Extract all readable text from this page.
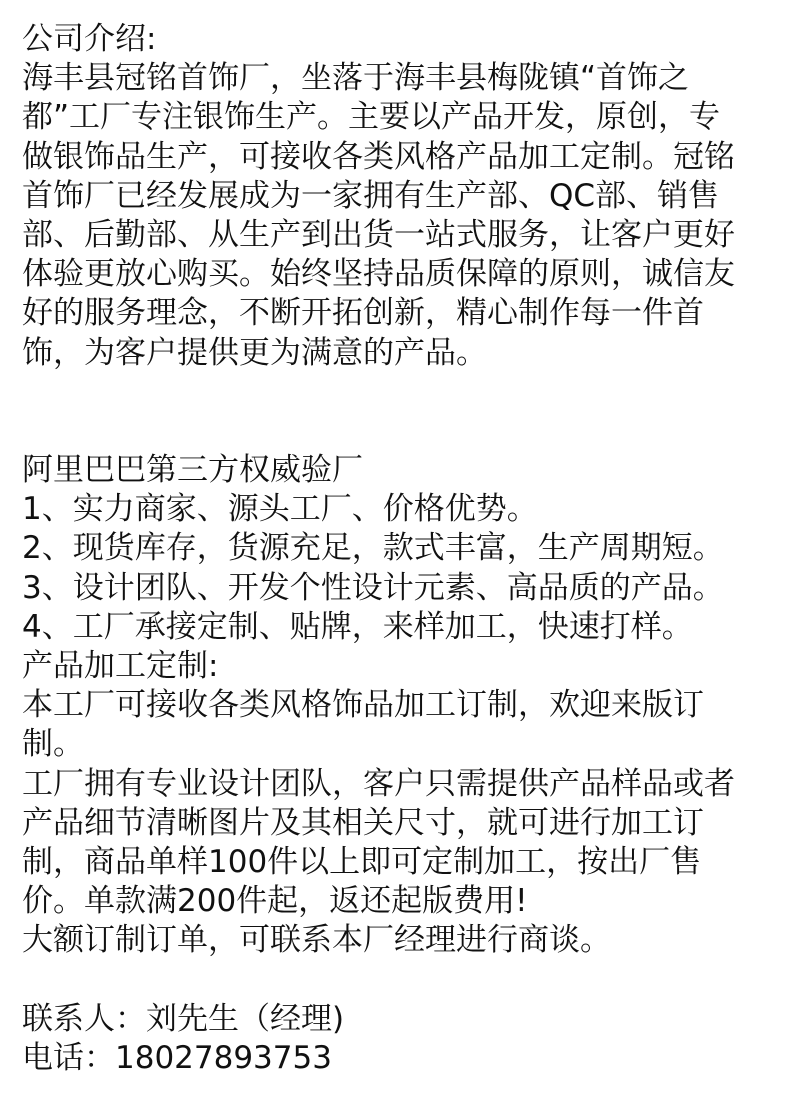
公司介绍:
海丰县冠铭首饰厂，坐落于海丰县梅陇镇“首饰之
都”工厂专注银饰生产。主要以产品开发，原创，专
做银饰品生产，可接收各类风格产品加工定制。冠铭
首饰厂已经发展成为一家拥有生产部、QC部、销售
部、后勤部、从生产到出货一站式服务，让客户更好
体验更放心购买。始终坚持品质保障的原则，诚信友
好的服务理念，不断开拓创新，精心制作每一件首
饰，为客户提供更为满意的产品。
阿里巴巴第三方权威验厂
1、实力商家、源头工厂、价格优势。
2、现货库存，货源充足，款式丰富，生产周期短。
3、设计团队、开发个性设计元素、高品质的产品。
4、工厂承接定制、贴牌，来样加工，快速打样。
产品加工定制:
本工厂可接收各类风格饰品加工订制，欢迎来版订
制。
工厂拥有专业设计团队，客户只需提供产品样品或者
产品细节清晰图片及其相关尺寸，就可进行加工订
制，商品单样100件以上即可定制加工，按出厂售
价。单款满200件起，返还起版费用!
大额订制订单，可联系本厂经理进行商谈。
联系人：刘先生（经理)
电话：18027893753
